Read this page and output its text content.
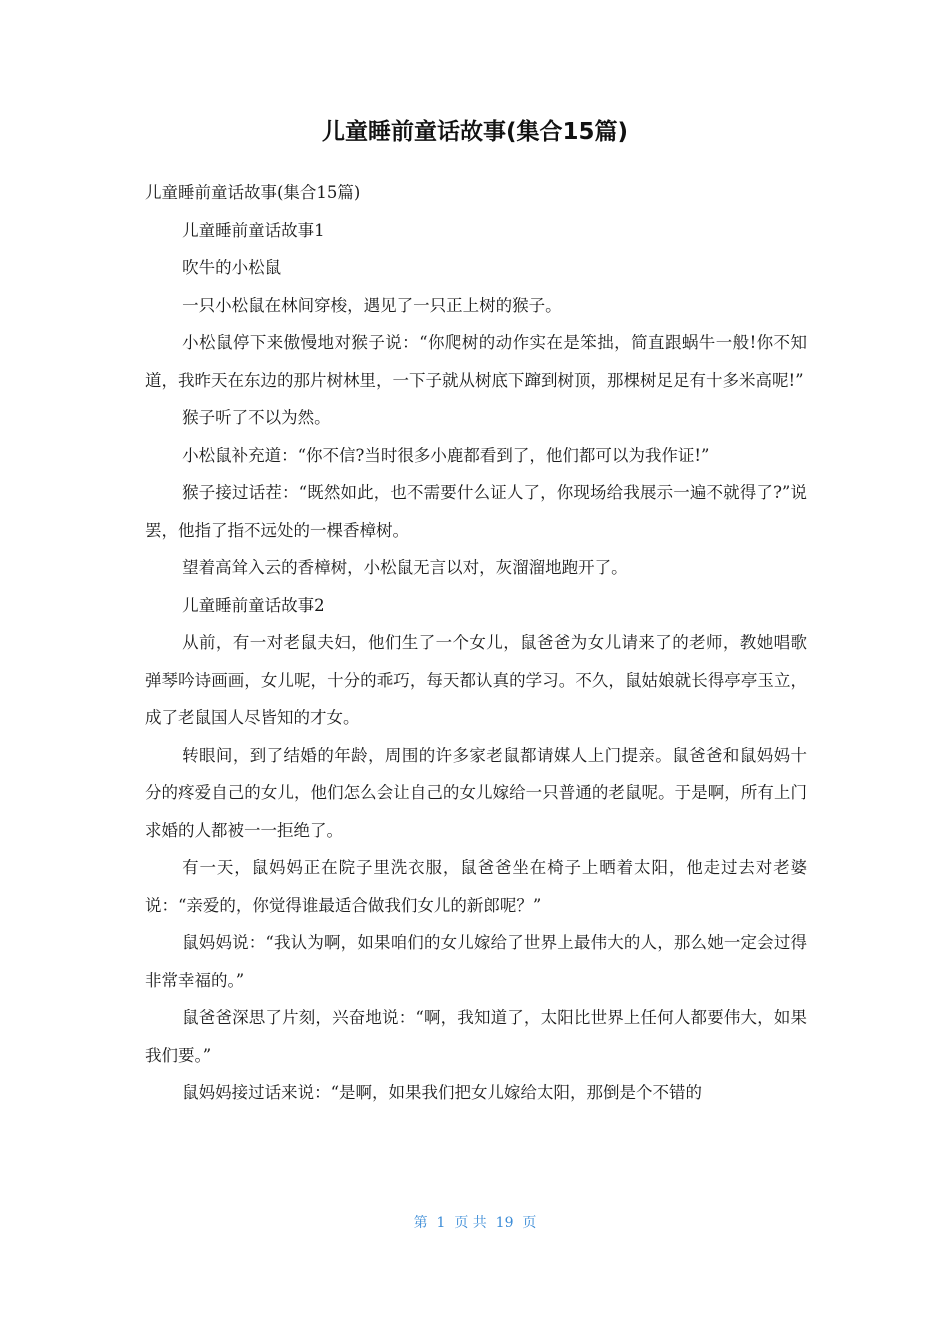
儿童睡前童话故事(集合15篇)

儿童睡前童话故事(集合15篇)

儿童睡前童话故事1

吹牛的小松鼠

一只小松鼠在林间穿梭，遇见了一只正上树的猴子。

小松鼠停下来傲慢地对猴子说：“你爬树的动作实在是笨拙，简直跟蜗牛一般!你不知道，我昨天在东边的那片树林里，一下子就从树底下蹿到树顶，那棵树足足有十多米高呢!”

猴子听了不以为然。

小松鼠补充道：“你不信?当时很多小鹿都看到了，他们都可以为我作证!”

猴子接过话茬：“既然如此，也不需要什么证人了，你现场给我展示一遍不就得了?”说罢，他指了指不远处的一棵香樟树。

望着高耸入云的香樟树，小松鼠无言以对，灰溜溜地跑开了。

儿童睡前童话故事2

从前，有一对老鼠夫妇，他们生了一个女儿，鼠爸爸为女儿请来了的老师，教她唱歌弹琴吟诗画画，女儿呢，十分的乖巧，每天都认真的学习。不久，鼠姑娘就长得亭亭玉立，成了老鼠国人尽皆知的才女。

转眼间，到了结婚的年龄，周围的许多家老鼠都请媒人上门提亲。鼠爸爸和鼠妈妈十分的疼爱自己的女儿，他们怎么会让自己的女儿嫁给一只普通的老鼠呢。于是啊，所有上门求婚的人都被一一拒绝了。

有一天，鼠妈妈正在院子里洗衣服，鼠爸爸坐在椅子上晒着太阳，他走过去对老婆说：“亲爱的，你觉得谁最适合做我们女儿的新郎呢？”

鼠妈妈说：“我认为啊，如果咱们的女儿嫁给了世界上最伟大的人，那么她一定会过得非常幸福的。”

鼠爸爸深思了片刻，兴奋地说：“啊，我知道了，太阳比世界上任何人都要伟大，如果我们要。”

鼠妈妈接过话来说：“是啊，如果我们把女儿嫁给太阳，那倒是个不错的

第  1  页 共  19  页
